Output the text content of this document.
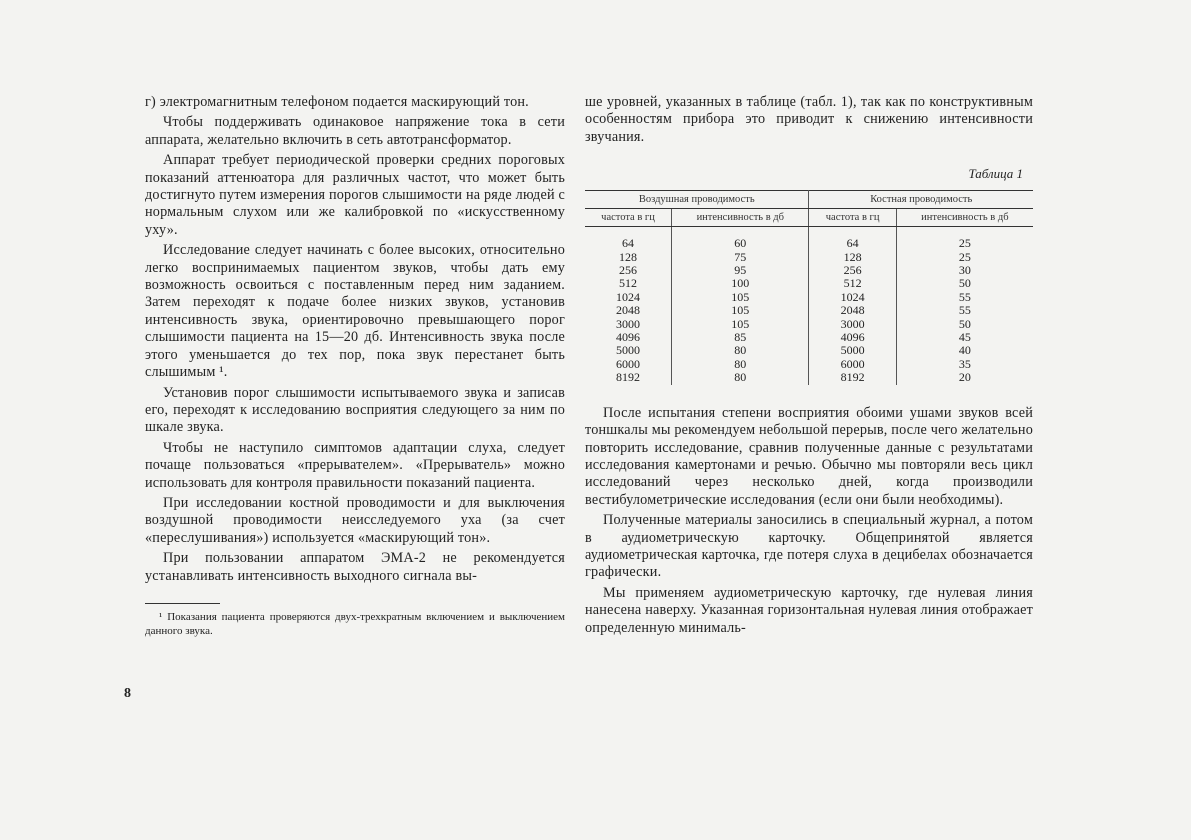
г) электромагнитным телефоном подается маскирующий тон.

Чтобы поддерживать одинаковое напряжение тока в сети аппарата, желательно включить в сеть автотрансформатор.

Аппарат требует периодической проверки средних пороговых показаний аттенюатора для различных частот, что может быть достигнуто путем измерения порогов слышимости на ряде людей с нормальным слухом или же калибровкой по «искусственному уху».

Исследование следует начинать с более высоких, относительно легко воспринимаемых пациентом звуков, чтобы дать ему возможность освоиться с поставленным перед ним заданием. Затем переходят к подаче более низких звуков, установив интенсивность звука, ориентировочно превышающего порог слышимости пациента на 15—20 дб. Интенсивность звука после этого уменьшается до тех пор, пока звук перестанет быть слышимым ¹.

Установив порог слышимости испытываемого звука и записав его, переходят к исследованию восприятия следующего за ним по шкале звука.

Чтобы не наступило симптомов адаптации слуха, следует почаще пользоваться «прерывателем». «Прерыватель» можно использовать для контроля правильности показаний пациента.

При исследовании костной проводимости и для выключения воздушной проводимости неисследуемого уха (за счет «переслушивания») используется «маскирующий тон».

При пользовании аппаратом ЭМА-2 не рекомендуется устанавливать интенсивность выходного сигнала вы-

¹ Показания пациента проверяются двух-трехкратным включением и выключением данного звука.

8

ше уровней, указанных в таблице (табл. 1), так как по конструктивным особенностям прибора это приводит к снижению интенсивности звучания.

Таблица 1
Воздушная проводимость		Костная проводимость	
частота в гц	интенсивность в дб	частота в гц	интенсивность в дб
64	60	64	25
128	75	128	25
256	95	256	30
512	100	512	50
1024	105	1024	55
2048	105	2048	55
3000	105	3000	50
4096	85	4096	45
5000	80	5000	40
6000	80	6000	35
8192	80	8192	20

После испытания степени восприятия обоими ушами звуков всей тоншкалы мы рекомендуем небольшой перерыв, после чего желательно повторить исследование, сравнив полученные данные с результатами исследования камертонами и речью. Обычно мы повторяли весь цикл исследований через несколько дней, когда производили вестибулометрические исследования (если они были необходимы).

Полученные материалы заносились в специальный журнал, а потом в аудиометрическую карточку. Общепринятой является аудиометрическая карточка, где потеря слуха в децибелах обозначается графически.

Мы применяем аудиометрическую карточку, где нулевая линия нанесена наверху. Указанная горизонтальная нулевая линия отображает определенную минималь-
